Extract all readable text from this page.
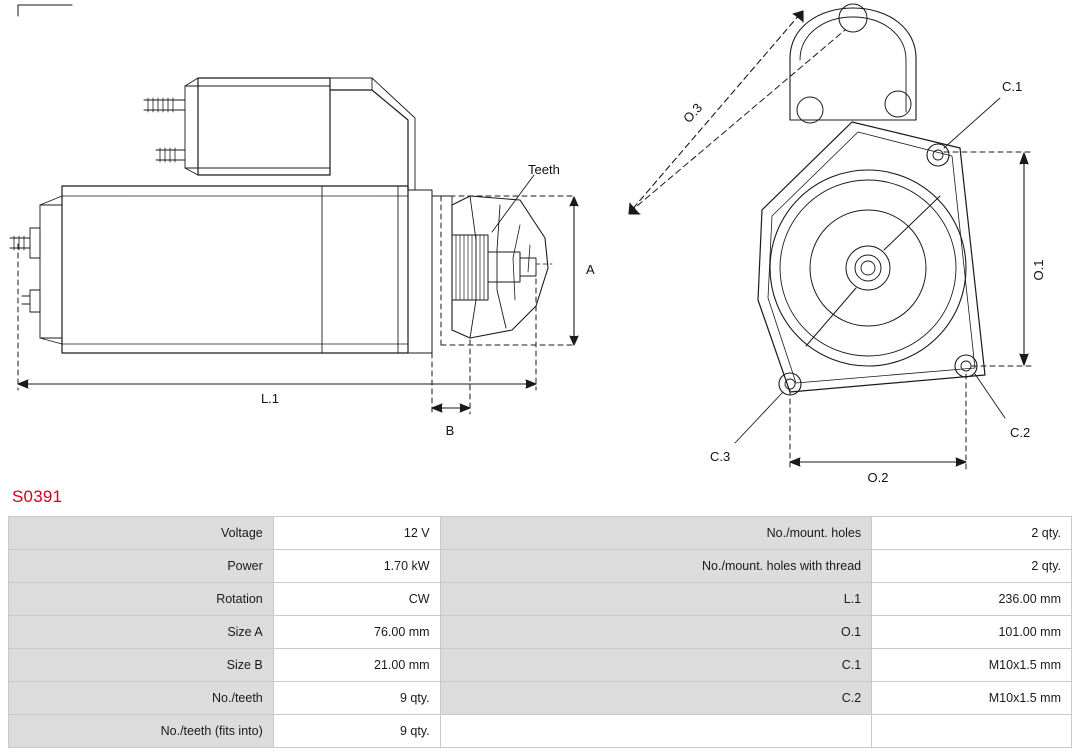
Teeth
A
L.1
B
O.3
O.1
O.2
C.1
C.2
C.3
S0391
Voltage	12 V	No./mount. holes	2 qty.
Power	1.70 kW	No./mount. holes with thread	2 qty.
Rotation	CW	L.1	236.00 mm
Size A	76.00 mm	O.1	101.00 mm
Size B	21.00 mm	C.1	M10x1.5 mm
No./teeth	9 qty.	C.2	M10x1.5 mm
No./teeth (fits into)	9 qty.		
